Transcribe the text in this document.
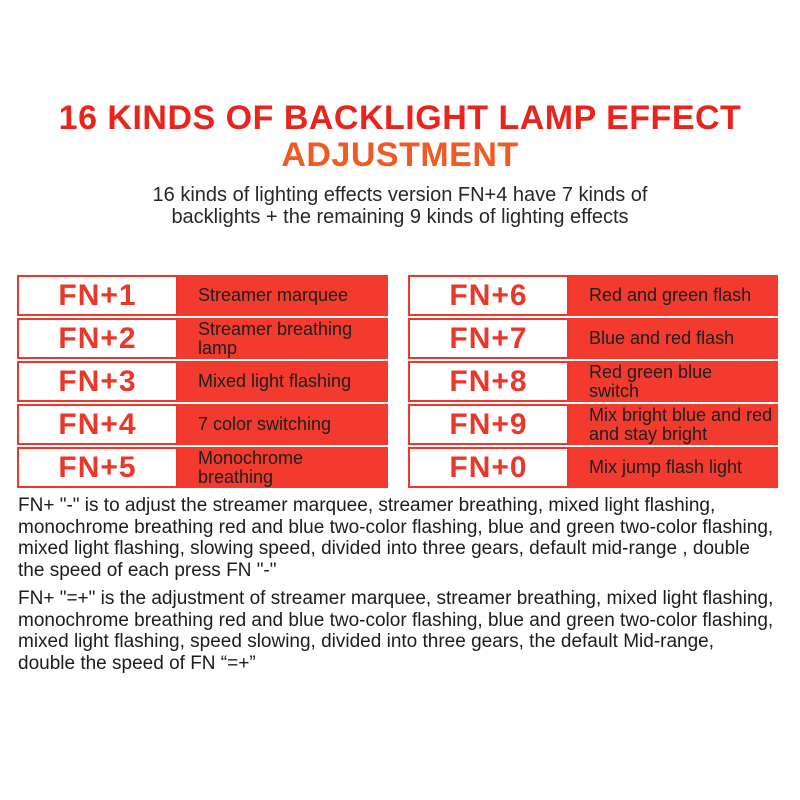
16 KINDS OF BACKLIGHT LAMP EFFECT
ADJUSTMENT
16 kinds of lighting effects version FN+4 have 7 kinds of
backlights + the remaining 9 kinds of lighting effects
FN+1	Streamer marquee
FN+2	Streamer breathing
lamp
FN+3	Mixed light flashing
FN+4	7 color switching
FN+5	Monochrome
breathing
FN+6	Red and green flash
FN+7	Blue and red flash
FN+8	Red green blue
switch
FN+9	Mix bright blue and red
and stay bright
FN+0	Mix jump flash light
FN+ "-" is to adjust the streamer marquee, streamer breathing, mixed light flashing,
monochrome breathing red and blue two-color flashing, blue and green two-color flashing,
mixed light flashing, slowing speed, divided into three gears, default mid-range , double
the speed of each press FN "-"
FN+ "=+" is the adjustment of streamer marquee, streamer breathing, mixed light flashing,
monochrome breathing red and blue two-color flashing, blue and green two-color flashing,
mixed light flashing, speed slowing, divided into three gears, the default Mid-range,
double the speed of FN “=+”
